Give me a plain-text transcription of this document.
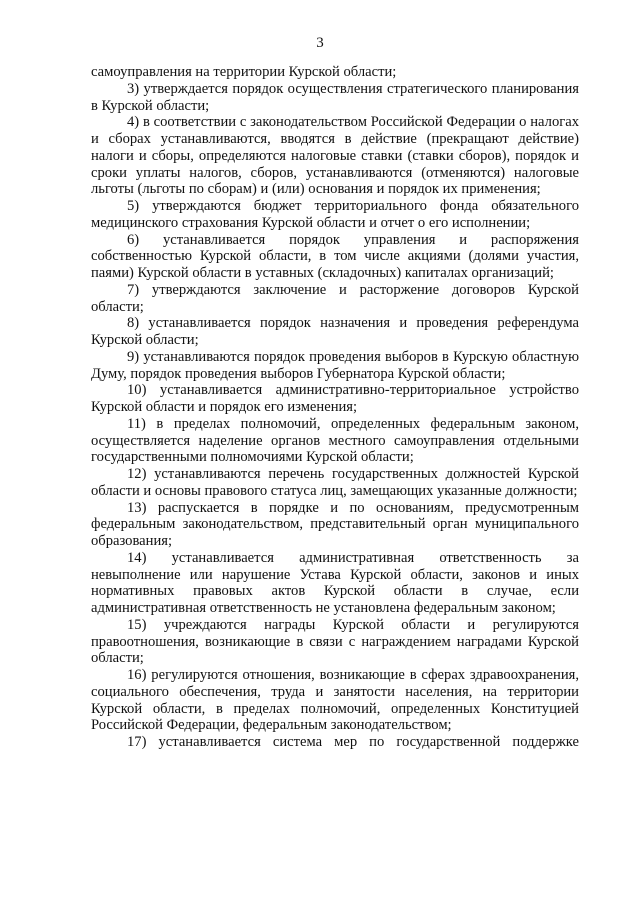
3

самоуправления на территории Курской области;

3) утверждается порядок осуществления стратегического планирования в Курской области;

4) в соответствии с законодательством Российской Федерации о налогах и сборах устанавливаются, вводятся в действие (прекращают действие) налоги и сборы, определяются налоговые ставки (ставки сборов), порядок и сроки уплаты налогов, сборов, устанавливаются (отменяются) налоговые льготы (льготы по сборам) и (или) основания и порядок их применения;

5) утверждаются бюджет территориального фонда обязательного медицинского страхования Курской области и отчет о его исполнении;

6) устанавливается порядок управления и распоряжения собственностью Курской области, в том числе акциями (долями участия, паями) Курской области в уставных (складочных) капиталах организаций;

7) утверждаются заключение и расторжение договоров Курской области;

8) устанавливается порядок назначения и проведения референдума Курской области;

9) устанавливаются порядок проведения выборов в Курскую областную Думу, порядок проведения выборов Губернатора Курской области;

10) устанавливается административно-территориальное устройство Курской области и порядок его изменения;

11) в пределах полномочий, определенных федеральным законом, осуществляется наделение органов местного самоуправления отдельными государственными полномочиями Курской области;

12) устанавливаются перечень государственных должностей Курской области и основы правового статуса лиц, замещающих указанные должности;

13) распускается в порядке и по основаниям, предусмотренным федеральным законодательством, представительный орган муниципального образования;

14) устанавливается административная ответственность за невыполнение или нарушение Устава Курской области, законов и иных нормативных правовых актов Курской области в случае, если административная ответственность не установлена федеральным законом;

15) учреждаются награды Курской области и регулируются правоотношения, возникающие в связи с награждением наградами Курской области;

16) регулируются отношения, возникающие в сферах здравоохранения, социального обеспечения, труда и занятости населения, на территории Курской области, в пределах полномочий, определенных Конституцией Российской Федерации, федеральным законодательством;

17) устанавливается система мер по государственной поддержке
